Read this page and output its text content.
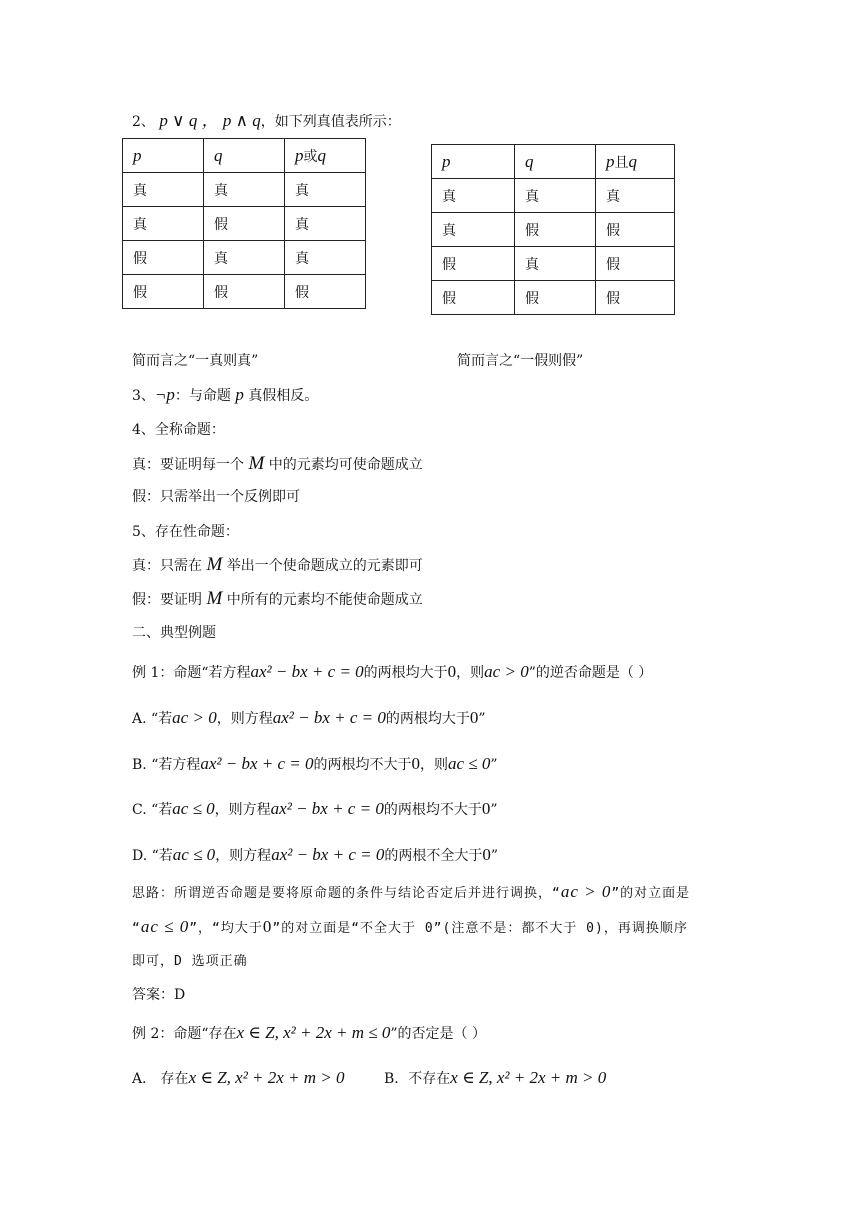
2、 p ∨ q ， p ∧ q，如下列真值表所示：
p	q	p或q
真	真	真
真	假	真
假	真	真
假	假	假
p	q	p且q
真	真	真
真	假	假
假	真	假
假	假	假
简而言之“一真则真”	简而言之“一假则假”
3、¬p：与命题 p 真假相反。
4、全称命题：
真：要证明每一个 M 中的元素均可使命题成立
假：只需举出一个反例即可
5、存在性命题：
真：只需在 M 举出一个使命题成立的元素即可
假：要证明 M 中所有的元素均不能使命题成立
二、典型例题
例 1：命题“若方程ax² − bx + c = 0的两根均大于0，则ac > 0”的逆否命题是（ ）
A. “若ac > 0，则方程ax² − bx + c = 0的两根均大于0”
B. “若方程ax² − bx + c = 0的两根均不大于0，则ac ≤ 0”
C. “若ac ≤ 0，则方程ax² − bx + c = 0的两根均不大于0”
D. “若ac ≤ 0，则方程ax² − bx + c = 0的两根不全大于0”
思路：所谓逆否命题是要将原命题的条件与结论否定后并进行调换，“ac > 0”的对立面是
“ac ≤ 0”，“均大于0”的对立面是“不全大于 0”(注意不是：都不大于 0)，再调换顺序
即可，D 选项正确
答案：D
例 2：命题“存在x ∈ Z, x² + 2x + m ≤ 0”的否定是（ ）
A． 存在x ∈ Z, x² + 2x + m > 0	B．不存在x ∈ Z, x² + 2x + m > 0
